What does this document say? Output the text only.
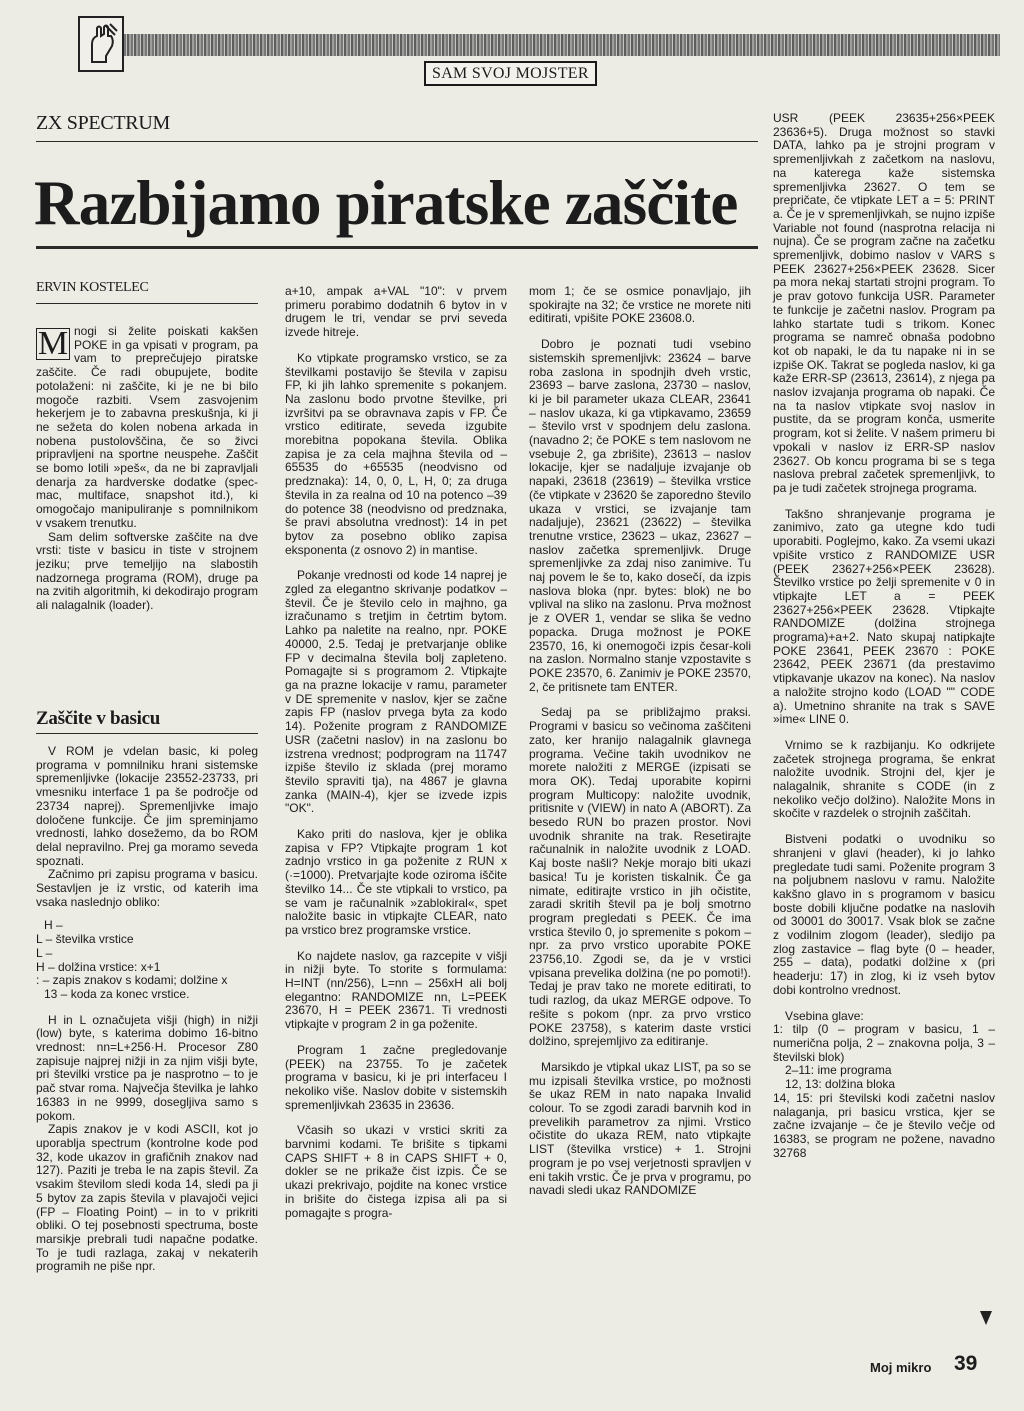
SAM SVOJ MOJSTER
ZX SPECTRUM
Razbijamo piratske zaščite
ERVIN KOSTELEC
M nogi si želite poiskati kakšen POKE in ga vpisati v program, pa vam to preprečujejo piratske zaščite. Če radi obupujete, bodite potolaženi: ni zaščite, ki je ne bi bilo mogoče razbiti. Vsem zasvojenim hekerjem je to zabavna preskušnja, ki ji ne sežeta do kolen nobena arkada in nobena pustolovščina, če so živci pripravljeni na sportne neuspehe. Zaščit se bomo lotili »peš«, da ne bi zapravljali denarja za hardverske dodatke (spec-mac, multiface, snapshot itd.), ki omogočajo manipuliranje s pomnilnikom v vsakem trenutku.

Sam delim softverske zaščite na dve vrsti: tiste v basicu in tiste v strojnem jeziku; prve temeljijo na slabostih nadzornega programa (ROM), druge pa na zvitih algoritmih, ki dekodirajo program ali nalagalnik (loader).

Zaščite v basicu

V ROM je vdelan basic, ki poleg programa v pomnilniku hrani sistemske spremenljivke (lokacije 23552-23733, pri vmesniku interface 1 pa še področje od 23734 naprej). Spremenljivke imajo določene funkcije. Če jim spreminjamo vrednosti, lahko dosežemo, da bo ROM delal nepravilno. Prej ga moramo seveda spoznati.

Začnimo pri zapisu programa v basicu. Sestavljen je iz vrstic, od katerih ima vsaka naslednjo obliko:

H –
L – številka vrstice
L –
H – dolžina vrstice: x+1
: – zapis znakov s kodami; dolžine x
13 – koda za konec vrstice.

H in L označujeta višji (high) in nižji (low) byte, s katerima dobimo 16-bitno vrednost: nn=L+256·H. Procesor Z80 zapisuje najprej nižji in za njim višji byte, pri številki vrstice pa je nasprotno – to je pač stvar roma. Največja številka je lahko 16383 in ne 9999, dosegljiva samo s pokom.

Zapis znakov je v kodi ASCII, kot jo uporablja spectrum (kontrolne kode pod 32, kode ukazov in grafičnih znakov nad 127). Paziti je treba le na zapis števil. Za vsakim številom sledi koda 14, sledi pa ji 5 bytov za zapis števila v plavajoči vejici (FP – Floating Point) – in to v prikriti obliki. O tej posebnosti spectruma, boste marsikje prebrali tudi napačne podatke. To je tudi razlaga, zakaj v nekaterih programih ne piše npr.

a+10, ampak a+VAL "10": v prvem primeru porabimo dodatnih 6 bytov in v drugem le tri, vendar se prvi seveda izvede hitreje.

Ko vtipkate programsko vrstico, se za številkami postavijo še števila v zapisu FP, ki jih lahko spremenite s pokanjem. Na zaslonu bodo prvotne številke, pri izvršitvi pa se obravnava zapis v FP. Če vrstico editirate, seveda izgubite morebitna popokana števila. Oblika zapisa je za cela majhna števila od –65535 do +65535 (neodvisno od predznaka): 14, 0, 0, L, H, 0; za druga števila in za realna od 10 na potenco –39 do potence 38 (neodvisno od predznaka, še pravi absolutna vrednost): 14 in pet bytov za posebno obliko zapisa eksponenta (z osnovo 2) in mantise.

Pokanje vrednosti od kode 14 naprej je zgled za elegantno skrivanje podatkov – števil. Če je število celo in majhno, ga izračunamo s tretjim in četrtim bytom. Lahko pa naletite na realno, npr. POKE 40000, 2.5. Tedaj je pretvarjanje oblike FP v decimalna števila bolj zapleteno. Pomagajte si s programom 2. Vtipkajte ga na prazne lokacije v ramu, parameter v DE spremenite v naslov, kjer se začne zapis FP (naslov prvega byta za kodo 14). Poženite program z RANDOMIZE USR (začetni naslov) in na zaslonu bo izstrena vrednost; podprogram na 11747 izpiše število iz sklada (prej moramo število spraviti tja), na 4867 je glavna zanka (MAIN-4), kjer se izvede izpis "OK".

Kako priti do naslova, kjer je oblika zapisa v FP? Vtipkajte program 1 kot zadnjo vrstico in ga poženite z RUN x (·=1000). Pretvarjajte kode oziroma iščite številko 14... Če ste vtipkali to vrstico, pa se vam je računalnik »zablokiral«, spet naložite basic in vtipkajte CLEAR, nato pa vrstico brez programske vrstice.

Ko najdete naslov, ga razcepite v višji in nižji byte. To storite s formulama: H=INT (nn/256), L=nn – 256xH ali bolj elegantno: RANDOMIZE nn, L=PEEK 23670, H = PEEK 23671. Ti vrednosti vtipkajte v program 2 in ga poženite.

Program 1 začne pregledovanje (PEEK) na 23755. To je začetek programa v basicu, ki je pri interfaceu I nekoliko više. Naslov dobite v sistemskih spremenljivkah 23635 in 23636.

Včasih so ukazi v vrstici skriti za barvnimi kodami. Te brišite s tipkami CAPS SHIFT + 8 in CAPS SHIFT + 0, dokler se ne prikaže čist izpis. Če se ukazi prekrivajo, pojdite na konec vrstice in brišite do čistega izpisa ali pa si pomagajte s progra-

mom 1; če se osmice ponavljajo, jih spokirajte na 32; če vrstice ne morete niti editirati, vpišite POKE 23608.0.

Dobro je poznati tudi vsebino sistemskih spremenljivk: 23624 – barve roba zaslona in spodnjih dveh vrstic, 23693 – barve zaslona, 23730 – naslov, ki je bil parameter ukaza CLEAR, 23641 – naslov ukaza, ki ga vtipkavamo, 23659 – število vrst v spodnjem delu zaslona. (navadno 2; če POKE s tem naslovom ne vsebuje 2, ga zbrišite), 23613 – naslov lokacije, kjer se nadaljuje izvajanje ob napaki, 23618 (23619) – številka vrstice (če vtipkate v 23620 še zaporedno število ukaza v vrstici, se izvajanje tam nadaljuje), 23621 (23622) – številka trenutne vrstice, 23623 – ukaz, 23627 – naslov začetka spremenljivk. Druge spremenljivke za zdaj niso zanimive. Tu naj povem le še to, kako dosečí, da izpis naslova bloka (npr. bytes: blok) ne bo vplival na sliko na zaslonu. Prva možnost je z OVER 1, vendar se slika še vedno popacka. Druga možnost je POKE 23570, 16, ki onemogoči izpis česar-koli na zaslon. Normalno stanje vzpostavite s POKE 23570, 6. Zanimiv je POKE 23570, 2, če pritisnete tam ENTER.

Sedaj pa se približajmo praksi. Programi v basicu so večinoma zaščiteni zato, ker hranijo nalagalnik glavnega programa. Večine takih uvodnikov ne morete naložiti z MERGE (izpisati se mora OK). Tedaj uporabite kopirni program Multicopy: naložite uvodnik, pritisnite v (VIEW) in nato A (ABORT). Za besedo RUN bo prazen prostor. Novi uvodnik shranite na trak. Resetirajte računalnik in naložite uvodnik z LOAD. Kaj boste našli? Nekje morajo biti ukazi basica! Tu je koristen tiskalnik. Če ga nimate, editirajte vrstico in jih očistite, zaradi skritih števil pa je bolj smotrno program pregledati s PEEK. Če ima vrstica število 0, jo spremenite s pokom – npr. za prvo vrstico uporabite POKE 23756,10. Zgodi se, da je v vrstici vpisana prevelika dolžina (ne po pomoti!). Tedaj je prav tako ne morete editirati, to tudi razlog, da ukaz MERGE odpove. To rešite s pokom (npr. za prvo vrstico POKE 23758), s katerim daste vrstici dolžino, sprejemljivo za editiranje.

Marsikdo je vtipkal ukaz LIST, pa so se mu izpisali številka vrstice, po možnosti še ukaz REM in nato napaka Invalid colour. To se zgodi zaradi barvnih kod in prevelikih parametrov za njimi. Vrstico očistite do ukaza REM, nato vtipkajte LIST (številka vrstice) + 1. Strojni program je po vsej verjetnosti spravljen v eni takih vrstic. Če je prva v programu, po navadi sledi ukaz RANDOMIZE

USR (PEEK 23635+256×PEEK 23636+5). Druga možnost so stavki DATA, lahko pa je strojni program v spremenljivkah z začetkom na naslovu, na katerega kaže sistemska spremenljivka 23627. O tem se prepričate, če vtipkate LET a = 5: PRINT a. Če je v spremenljivkah, se nujno izpiše Variable not found (nasprotna relacija ni nujna). Če se program začne na začetku spremenljivk, dobimo naslov v VARS s PEEK 23627+256×PEEK 23628. Sicer pa mora nekaj startati strojni program. To je prav gotovo funkcija USR. Parameter te funkcije je začetni naslov. Program pa lahko startate tudi s trikom. Konec programa se namreč obnaša podobno kot ob napaki, le da tu napake ni in se izpiše OK. Takrat se pogleda naslov, ki ga kaže ERR-SP (23613, 23614), z njega pa naslov izvajanja programa ob napaki. Če na ta naslov vtipkate svoj naslov in pustite, da se program konča, usmerite program, kot si želite. V našem primeru bi vpokali v naslov iz ERR-SP naslov 23627. Ob koncu programa bi se s tega naslova prebral začetek spremenljivk, to pa je tudi začetek strojnega programa.

Takšno shranjevanje programa je zanimivo, zato ga utegne kdo tudi uporabiti. Poglejmo, kako. Za vsemi ukazi vpišite vrstico z RANDOMIZE USR (PEEK 23627+256×PEEK 23628). Številko vrstice po želji spremenite v 0 in vtipkajte LET a = PEEK 23627+256×PEEK 23628. Vtipkajte RANDOMIZE (dolžina strojnega programa)+a+2. Nato skupaj natipkajte POKE 23641, PEEK 23670 : POKE 23642, PEEK 23671 (da prestavimo vtipkavanje ukazov na konec). Na naslov a naložite strojno kodo (LOAD "" CODE a). Umetnino shranite na trak s SAVE »ime« LINE 0.

Vrnimo se k razbijanju. Ko odkrijete začetek strojnega programa, še enkrat naložite uvodnik. Strojni del, kjer je nalagalnik, shranite s CODE (in z nekoliko večjo dolžino). Naložite Mons in skočite v razdelek o strojnih zaščitah.

Bistveni podatki o uvodniku so shranjeni v glavi (header), ki jo lahko pregledate tudi sami. Poženite program 3 na poljubnem naslovu v ramu. Naložite kakšno glavo in s programom v basicu boste dobili ključne podatke na naslovih od 30001 do 30017. Vsak blok se začne z vodilnim zlogom (leader), sledijo pa zlog zastavice – flag byte (0 – header, 255 – data), podatki dolžine x (pri headerju: 17) in zlog, ki iz vseh bytov dobi kontrolno vrednost.

Vsebina glave:

1: tilp (0 – program v basicu, 1 – numerična polja, 2 – znakovna polja, 3 – številski blok)

2–11: ime programa

12, 13: dolžina bloka

14, 15: pri številski kodi začetni naslov nalaganja, pri basicu vrstica, kjer se začne izvajanje – če je število večje od 16383, se program ne požene, navadno 32768

Moj mikro 39
